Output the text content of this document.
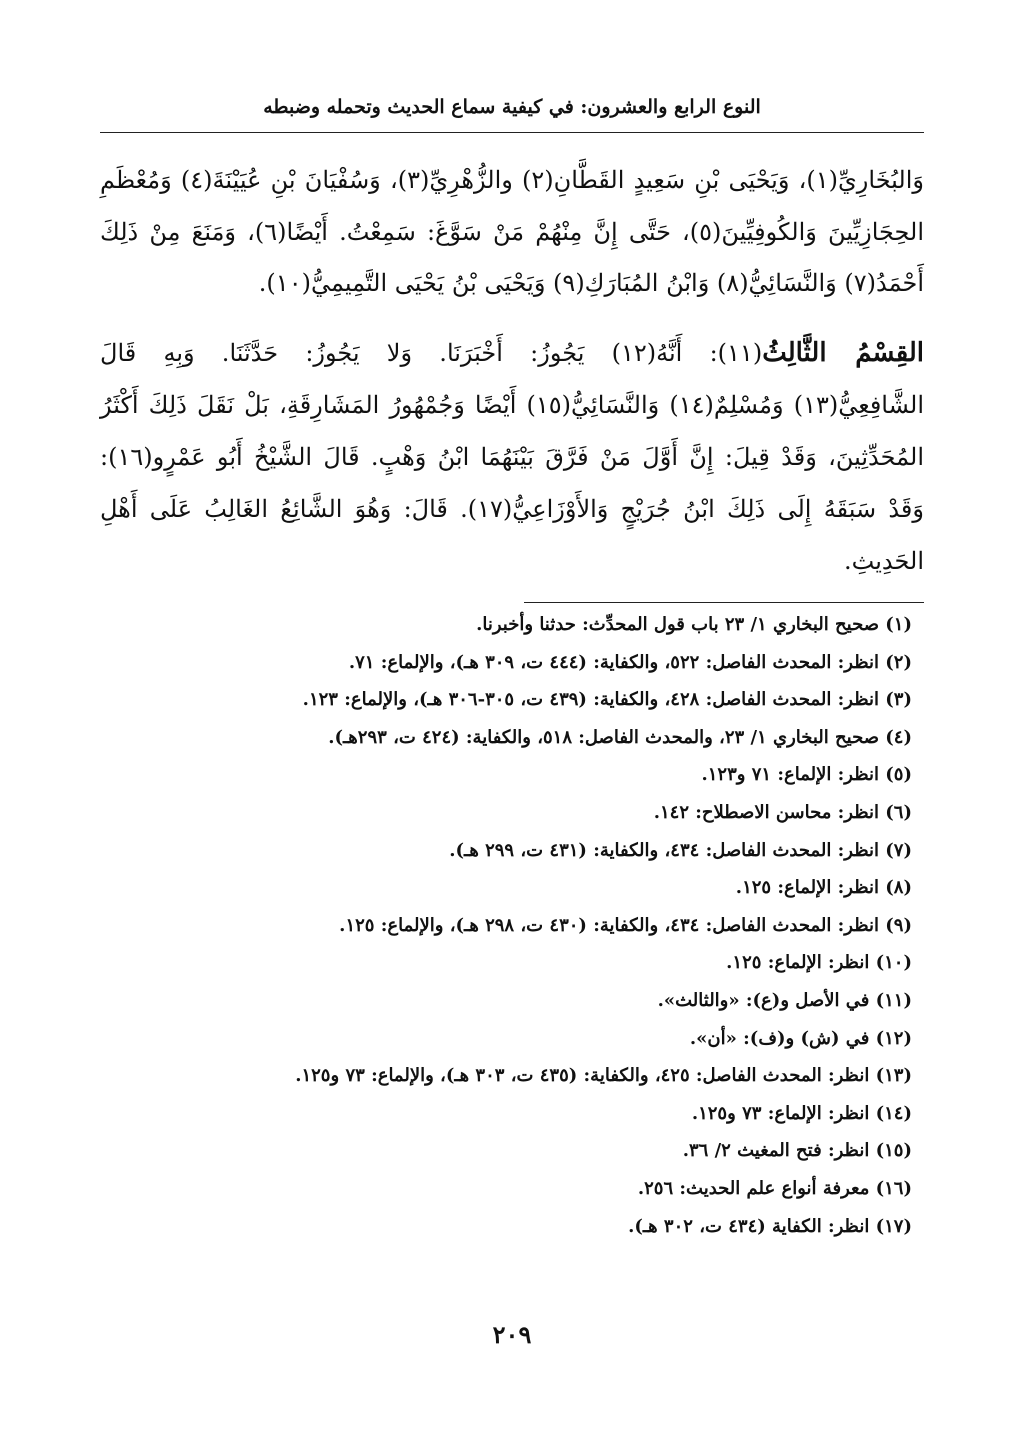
النوع الرابع والعشرون: في كيفية سماع الحديث وتحمله وضبطه
وَالبُخَارِيِّ(١)، وَيَحْيَى بْنِ سَعِيدٍ القَطَّانِ(٢) والزُّهْرِيِّ(٣)، وَسُفْيَانَ بْنِ عُيَيْنَةَ(٤) وَمُعْظَمِ
الحِجَازِيِّينَ وَالكُوفِيِّينَ(٥)، حَتَّى إِنَّ مِنْهُمْ مَنْ سَوَّغَ: سَمِعْتُ. أَيْضًا(٦)، وَمَنَعَ مِنْ ذَلِكَ
أَحْمَدُ(٧) وَالنَّسَائِيُّ(٨) وَابْنُ المُبَارَكِ(٩) وَيَحْيَى بْنُ يَحْيَى التَّمِيمِيُّ(١٠).
القِسْمُ الثَّالِثُ(١١): أَنَّهُ(١٢) يَجُوزُ: أَخْبَرَنَا. وَلا يَجُوزُ: حَدَّثَنَا. وَبِهِ قَالَ
الشَّافِعِيُّ(١٣) وَمُسْلِمٌ(١٤) وَالنَّسَائِيُّ(١٥) أَيْضًا وَجُمْهُورُ المَشَارِقَةِ، بَلْ نَقَلَ ذَلِكَ أَكْثَرُ
المُحَدِّثِينَ، وَقَدْ قِيلَ: إِنَّ أَوَّلَ مَنْ فَرَّقَ بَيْنَهُمَا ابْنُ وَهْبٍ. قَالَ الشَّيْخُ أَبُو عَمْرٍو(١٦):
وَقَدْ سَبَقَهُ إِلَى ذَلِكَ ابْنُ جُرَيْجٍ وَالأَوْزَاعِيُّ(١٧). قَالَ: وَهُوَ الشَّائِعُ الغَالِبُ عَلَى أَهْلِ
الحَدِيثِ.
(١) صحيح البخاري ١/ ٢٣ باب قول المحدِّث: حدثنا وأخبرنا.
(٢) انظر: المحدث الفاصل: ٥٢٢، والكفاية: (٤٤٤ ت، ٣٠٩ هـ)، والإلماع: ٧١.
(٣) انظر: المحدث الفاصل: ٤٢٨، والكفاية: (٤٣٩ ت، ٣٠٥-٣٠٦ هـ)، والإلماع: ١٢٣.
(٤) صحيح البخاري ١/ ٢٣، والمحدث الفاصل: ٥١٨، والكفاية: (٤٢٤ ت، ٢٩٣هـ).
(٥) انظر: الإلماع: ٧١ و١٢٣.
(٦) انظر: محاسن الاصطلاح: ١٤٢.
(٧) انظر: المحدث الفاصل: ٤٣٤، والكفاية: (٤٣١ ت، ٢٩٩ هـ).
(٨) انظر: الإلماع: ١٢٥.
(٩) انظر: المحدث الفاصل: ٤٣٤، والكفاية: (٤٣٠ ت، ٢٩٨ هـ)، والإلماع: ١٢٥.
(١٠) انظر: الإلماع: ١٢٥.
(١١) في الأصل و(ع): «والثالث».
(١٢) في (ش) و(ف): «أن».
(١٣) انظر: المحدث الفاصل: ٤٢٥، والكفاية: (٤٣٥ ت، ٣٠٣ هـ)، والإلماع: ٧٣ و١٢٥.
(١٤) انظر: الإلماع: ٧٣ و١٢٥.
(١٥) انظر: فتح المغيث ٢/ ٣٦.
(١٦) معرفة أنواع علم الحديث: ٢٥٦.
(١٧) انظر: الكفاية (٤٣٤ ت، ٣٠٢ هـ).
٢٠٩
